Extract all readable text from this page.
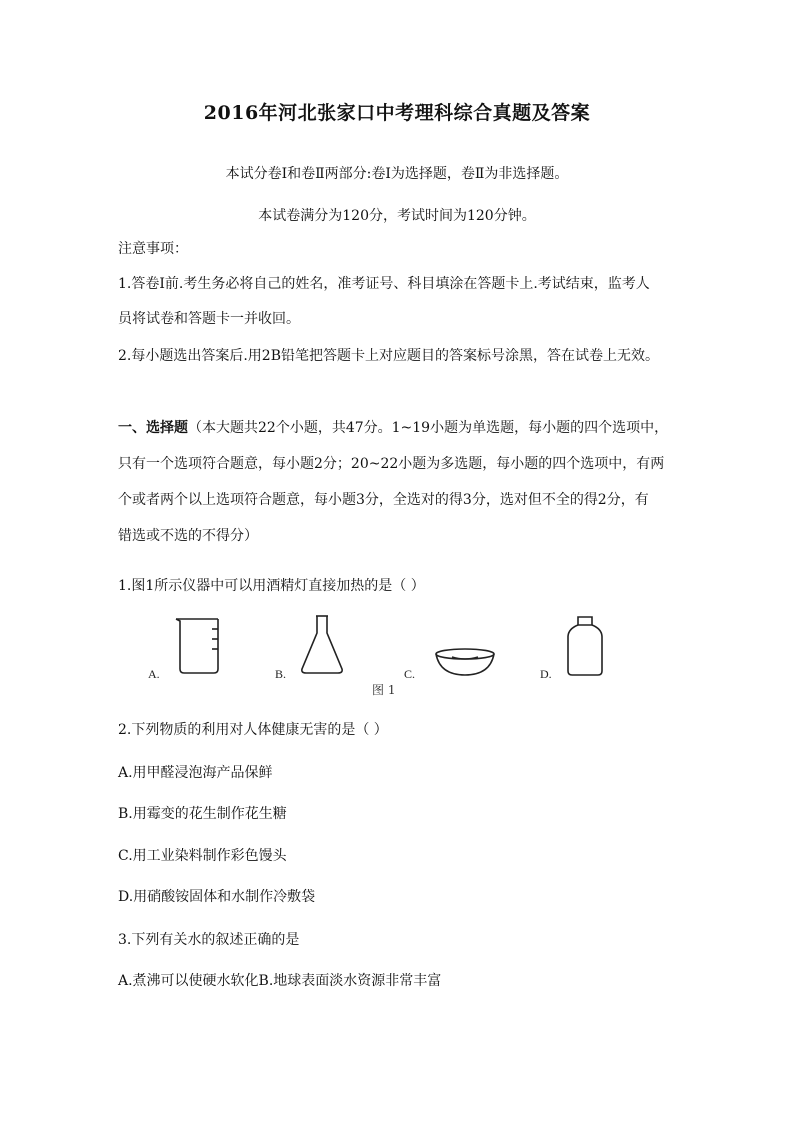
2016年河北张家口中考理科综合真题及答案
本试分卷Ⅰ和卷Ⅱ两部分:卷Ⅰ为选择题，卷Ⅱ为非选择题。
本试卷满分为120分，考试时间为120分钟。
注意事项：
1.答卷Ⅰ前.考生务必将自己的姓名，准考证号、科目填涂在答题卡上.考试结束，监考人
员将试卷和答题卡一并收回。
2.每小题选出答案后.用2B铅笔把答题卡上对应题目的答案标号涂黑，答在试卷上无效。
一、选择题（本大题共22个小题，共47分。1~19小题为单选题，每小题的四个选项中，
只有一个选项符合题意，每小题2分；20~22小题为多选题，每小题的四个选项中，有两
个或者两个以上选项符合题意，每小题3分，全选对的得3分，选对但不全的得2分，有
错选或不选的不得分）
1.图1所示仪器中可以用酒精灯直接加热的是（ ）
A.	B.	C.	D.
图 1
2.下列物质的利用对人体健康无害的是（ ）
A.用甲醛浸泡海产品保鲜
B.用霉变的花生制作花生糖
C.用工业染料制作彩色馒头
D.用硝酸铵固体和水制作冷敷袋
3.下列有关水的叙述正确的是
A.煮沸可以使硬水软化B.地球表面淡水资源非常丰富
